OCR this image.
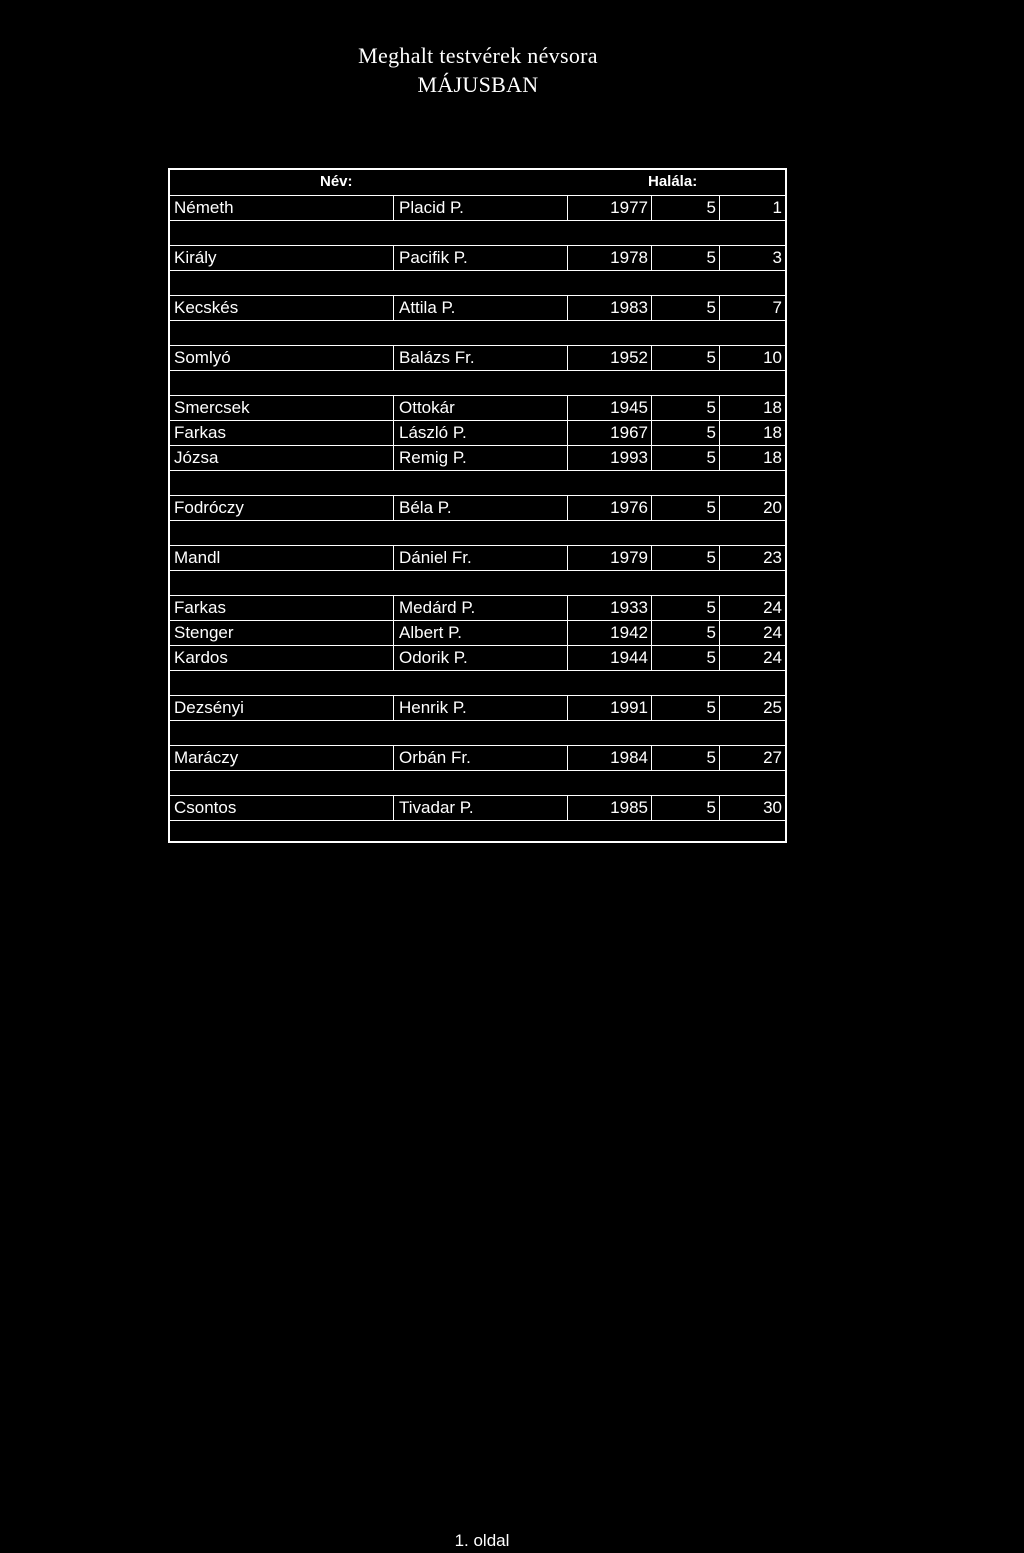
Meghalt testvérek névsora
MÁJUSBAN
Név:	Halála:
Németh	Placid P.	1977	5	1
Király	Pacifik P.	1978	5	3
Kecskés	Attila P.	1983	5	7
Somlyó	Balázs Fr.	1952	5	10
Smercsek	Ottokár	1945	5	18
Farkas	László P.	1967	5	18
Józsa	Remig P.	1993	5	18
Fodróczy	Béla P.	1976	5	20
Mandl	Dániel Fr.	1979	5	23
Farkas	Medárd P.	1933	5	24
Stenger	Albert P.	1942	5	24
Kardos	Odorik P.	1944	5	24
Dezsényi	Henrik P.	1991	5	25
Maráczy	Orbán Fr.	1984	5	27
Csontos	Tivadar P.	1985	5	30
1. oldal
